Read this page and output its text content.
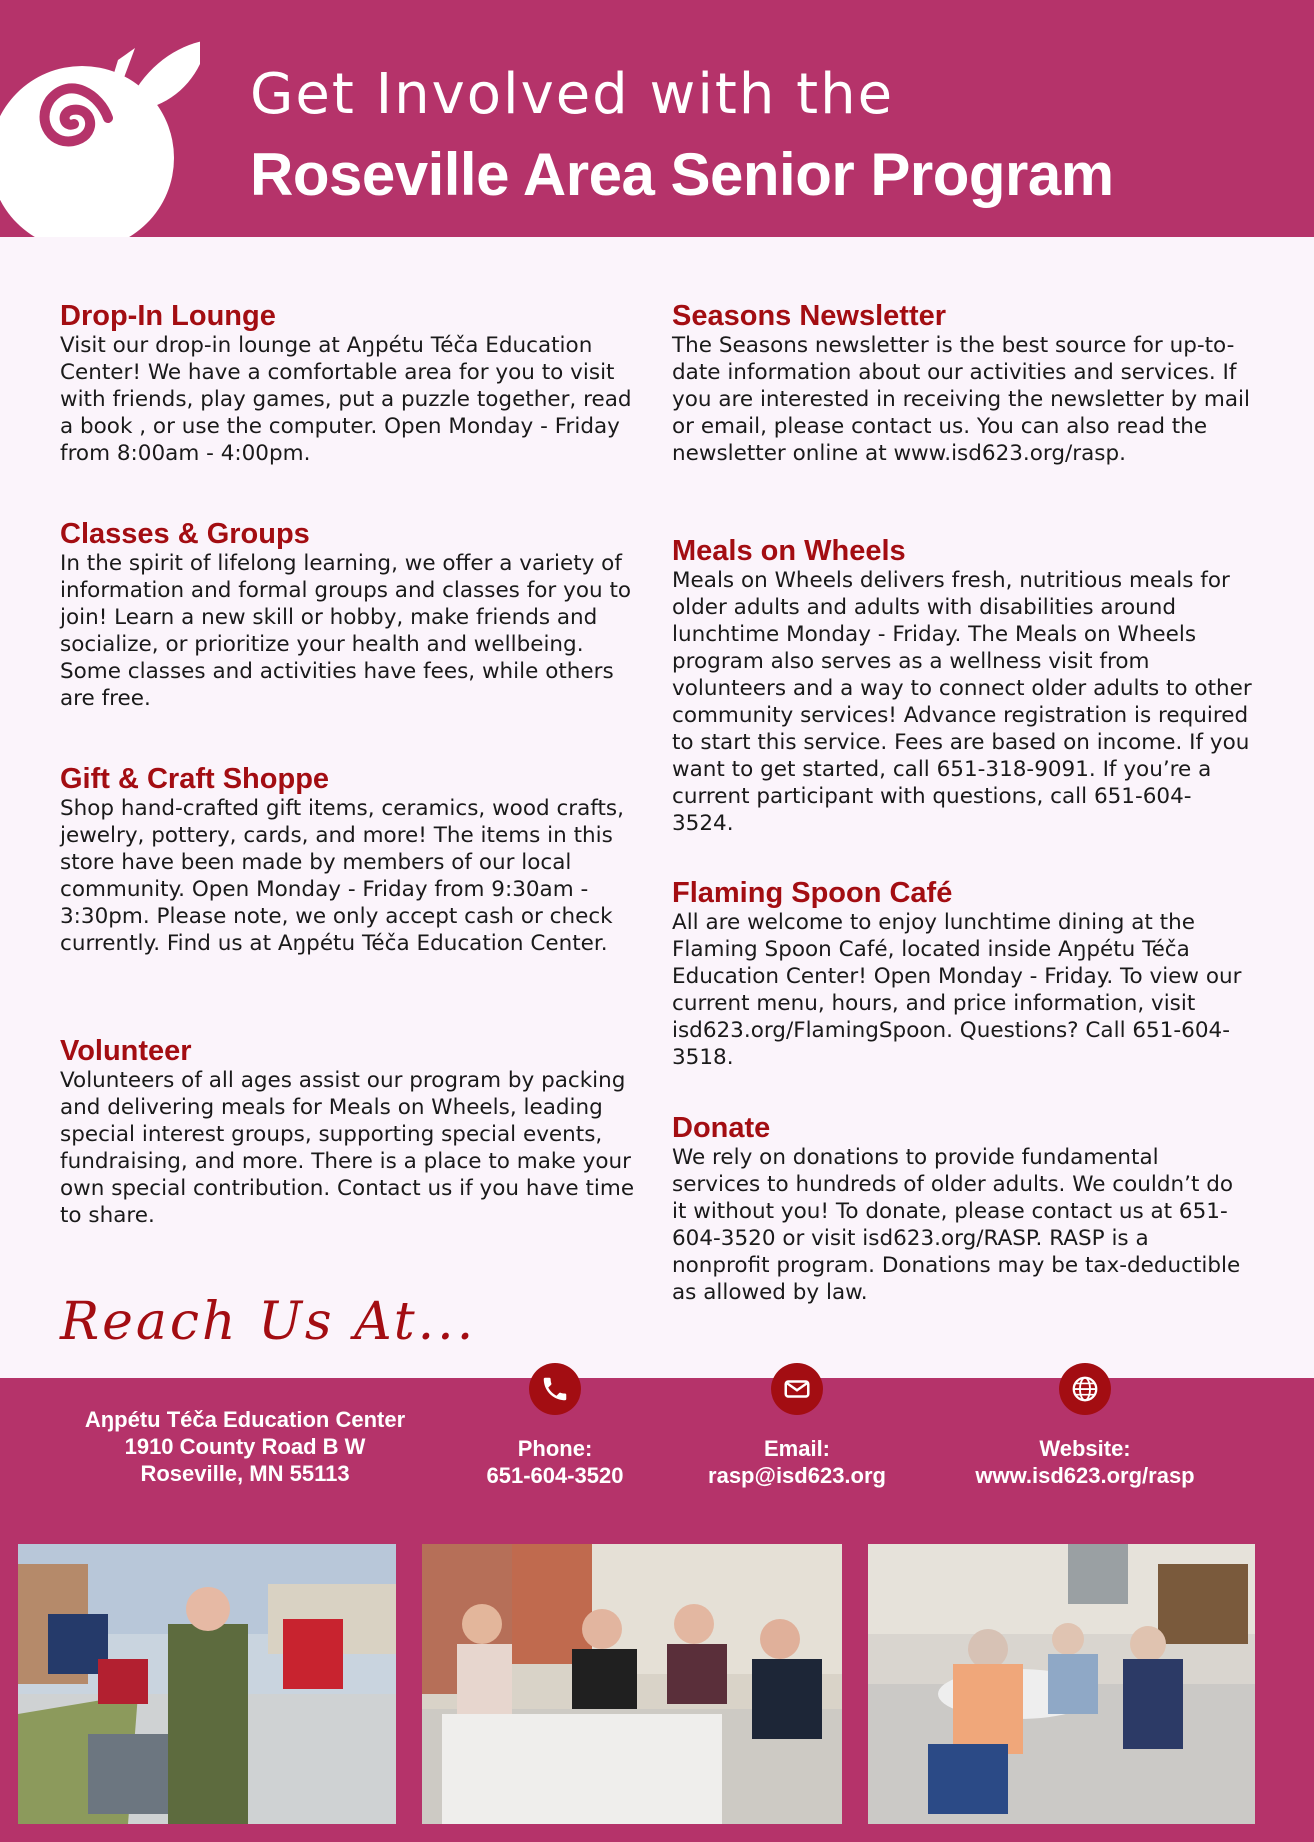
Get Involved with the
Roseville Area Senior Program
Drop-In Lounge

Visit our drop-in lounge at Aŋpétu Téča Education Center! We have a comfortable area for you to visit with friends, play games, put a puzzle together, read a book , or use the computer. Open Monday - Friday from 8:00am - 4:00pm.

Classes & Groups

In the spirit of lifelong learning, we offer a variety of information and formal groups and classes for you to join! Learn a new skill or hobby, make friends and socialize, or prioritize your health and wellbeing. Some classes and activities have fees, while others are free.

Gift & Craft Shoppe

Shop hand-crafted gift items, ceramics, wood crafts, jewelry, pottery, cards, and more! The items in this store have been made by members of our local community. Open Monday - Friday from 9:30am - 3:30pm. Please note, we only accept cash or check currently. Find us at Aŋpétu Téča Education Center.

Volunteer

Volunteers of all ages assist our program by packing and delivering meals for Meals on Wheels, leading special interest groups, supporting special events, fundraising, and more. There is a place to make your own special contribution. Contact us if you have time to share.

Seasons Newsletter

The Seasons newsletter is the best source for up-to-date information about our activities and services. If you are interested in receiving the newsletter by mail or email, please contact us. You can also read the newsletter online at www.isd623.org/rasp.

Meals on Wheels

Meals on Wheels delivers fresh, nutritious meals for older adults and adults with disabilities around lunchtime Monday - Friday. The Meals on Wheels program also serves as a wellness visit from volunteers and a way to connect older adults to other community services! Advance registration is required to start this service. Fees are based on income. If you want to get started, call 651-318-9091. If you’re a current participant with questions, call 651-604-3524.

Flaming Spoon Café

All are welcome to enjoy lunchtime dining at the Flaming Spoon Café, located inside Aŋpétu Téča Education Center! Open Monday - Friday. To view our current menu, hours, and price information, visit isd623.org/FlamingSpoon. Questions? Call 651-604-3518.

Donate

We rely on donations to provide fundamental services to hundreds of older adults. We couldn’t do it without you! To donate, please contact us at 651-604-3520 or visit isd623.org/RASP. RASP is a nonprofit program. Donations may be tax-deductible as allowed by law.

Reach Us At...
Aŋpétu Téča Education Center
1910 County Road B W
Roseville, MN 55113
Phone:
651-604-3520
Email:
rasp@isd623.org
Website:
www.isd623.org/rasp
